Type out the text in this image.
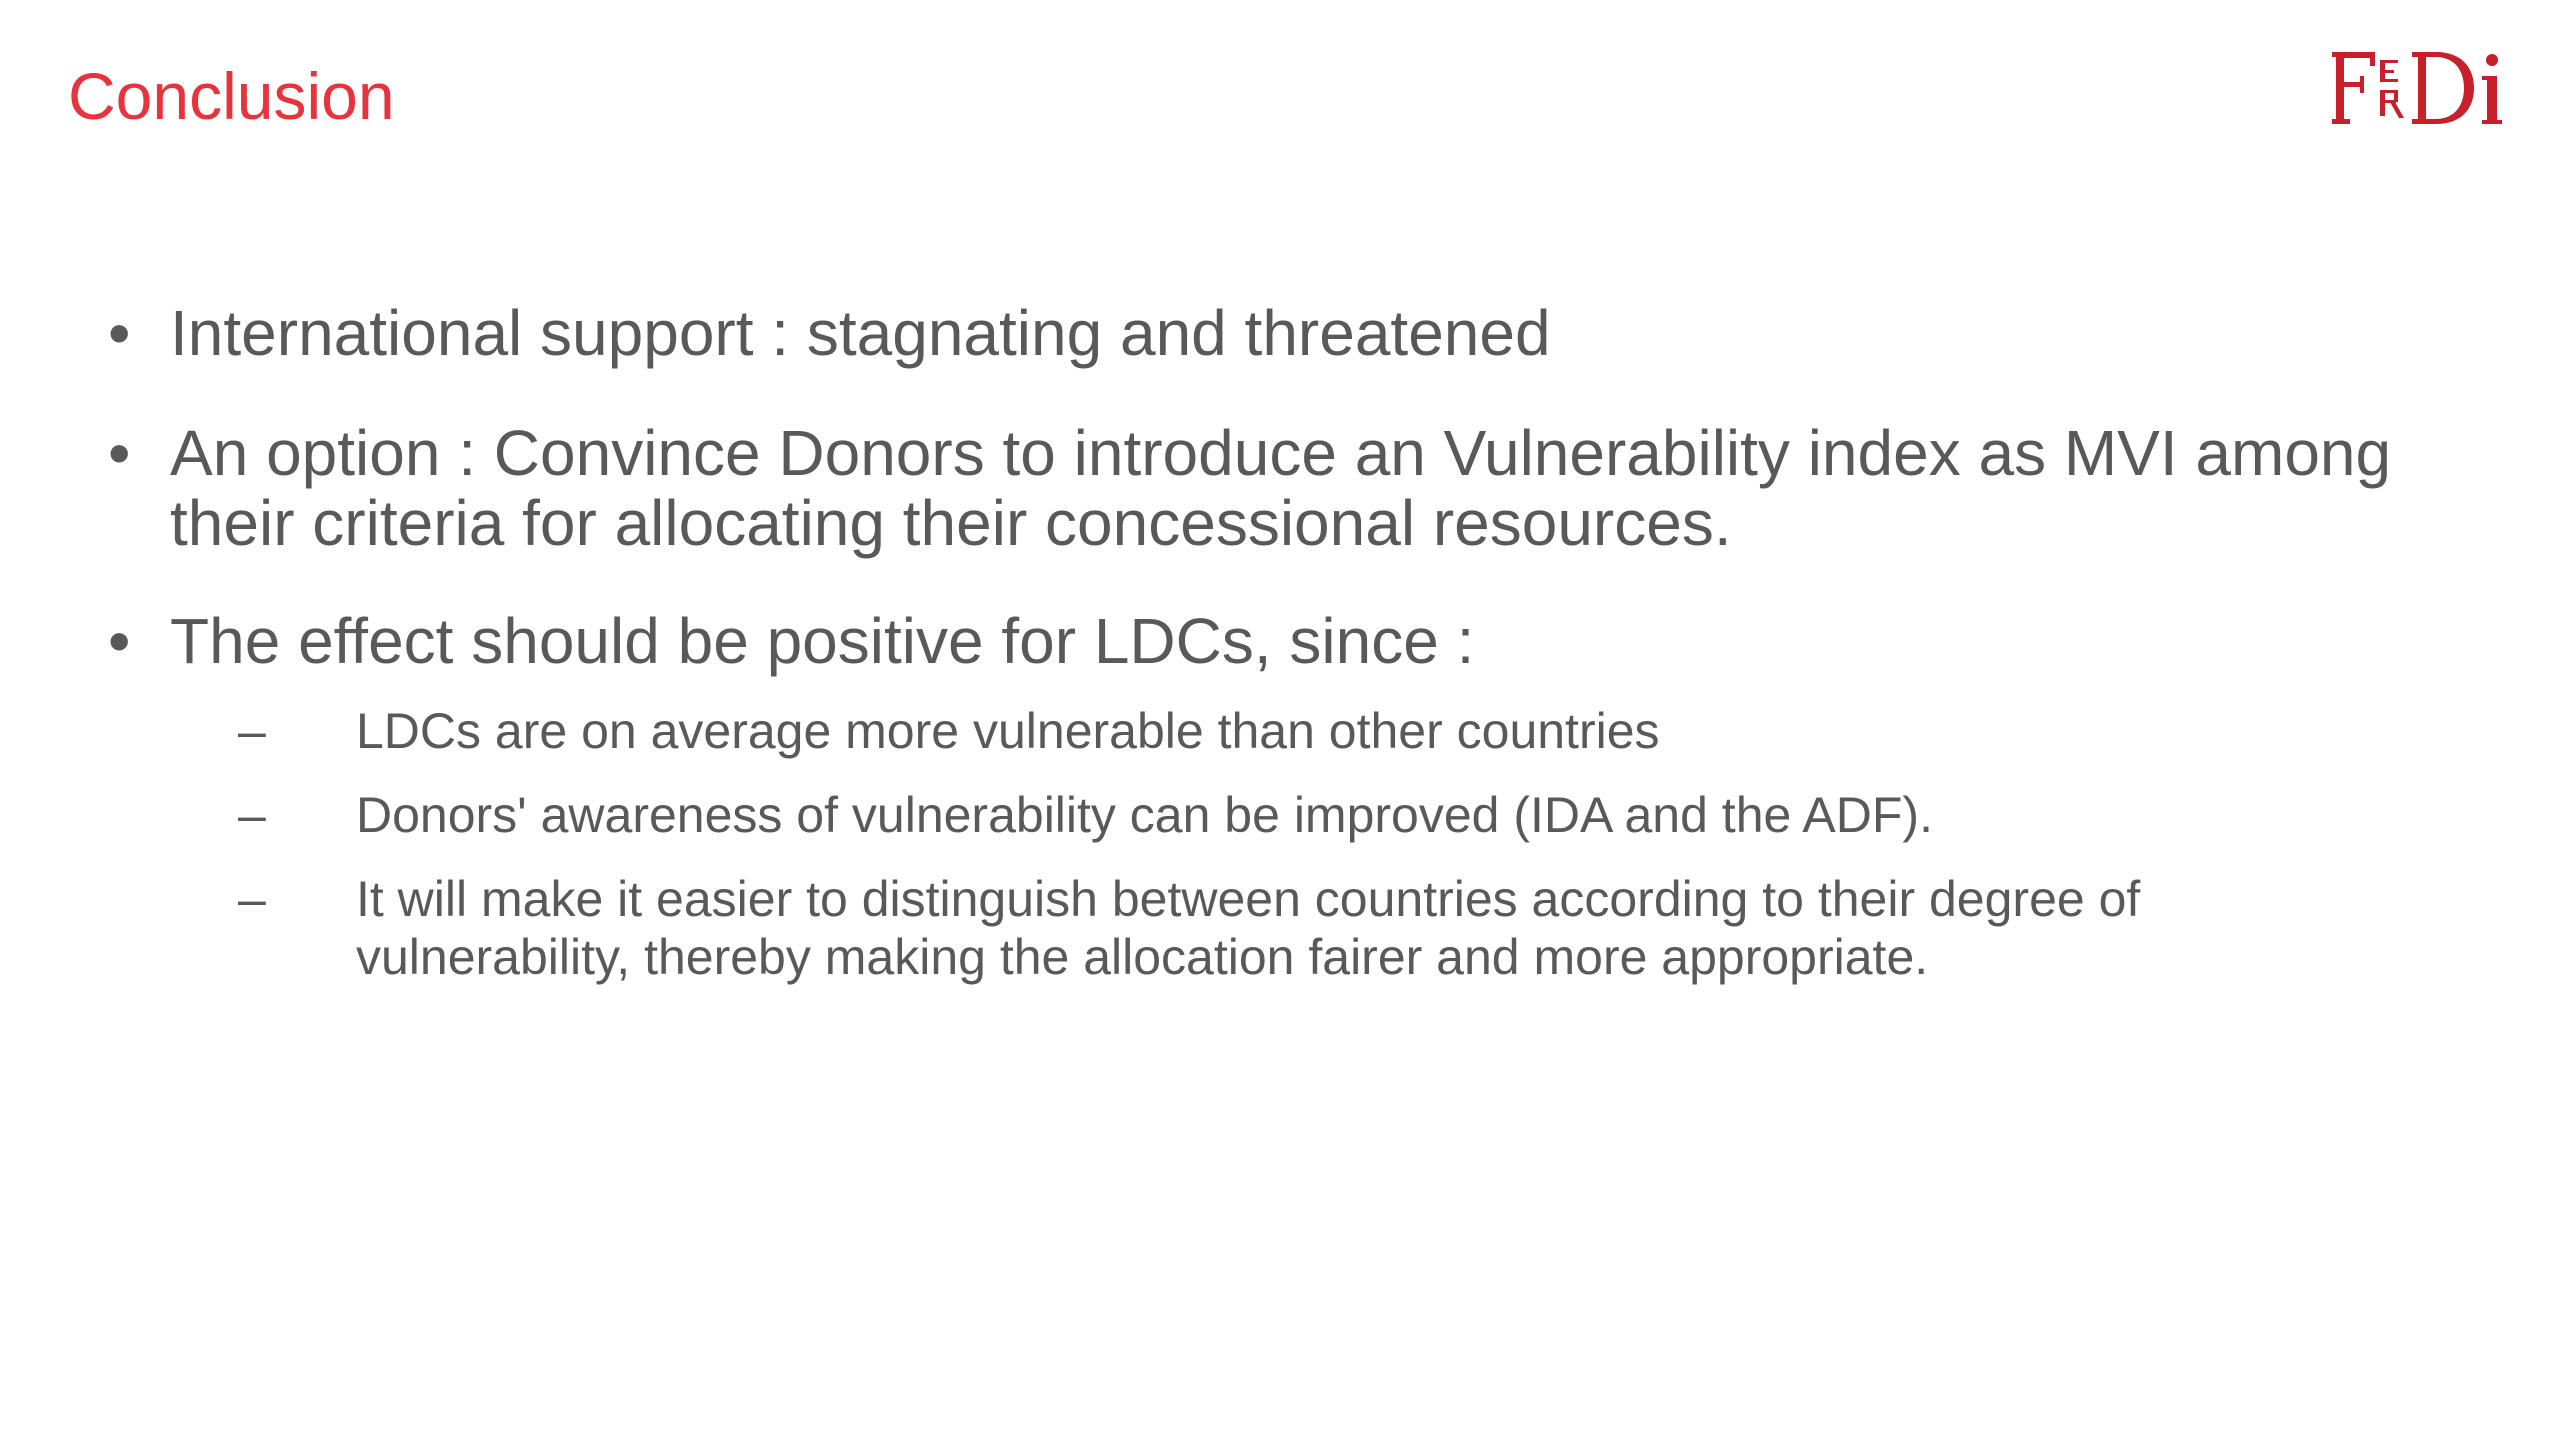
Conclusion
• International support : stagnating and threatened
• An option : Convince Donors to introduce an Vulnerability index as MVI among
their criteria for allocating their concessional resources.
• The effect should be positive for LDCs, since :
– LDCs are on average more vulnerable than other countries
– Donors' awareness of vulnerability can be improved (IDA and the ADF).
– It will make it easier to distinguish between countries according to their degree of
vulnerability, thereby making the allocation fairer and more appropriate.
